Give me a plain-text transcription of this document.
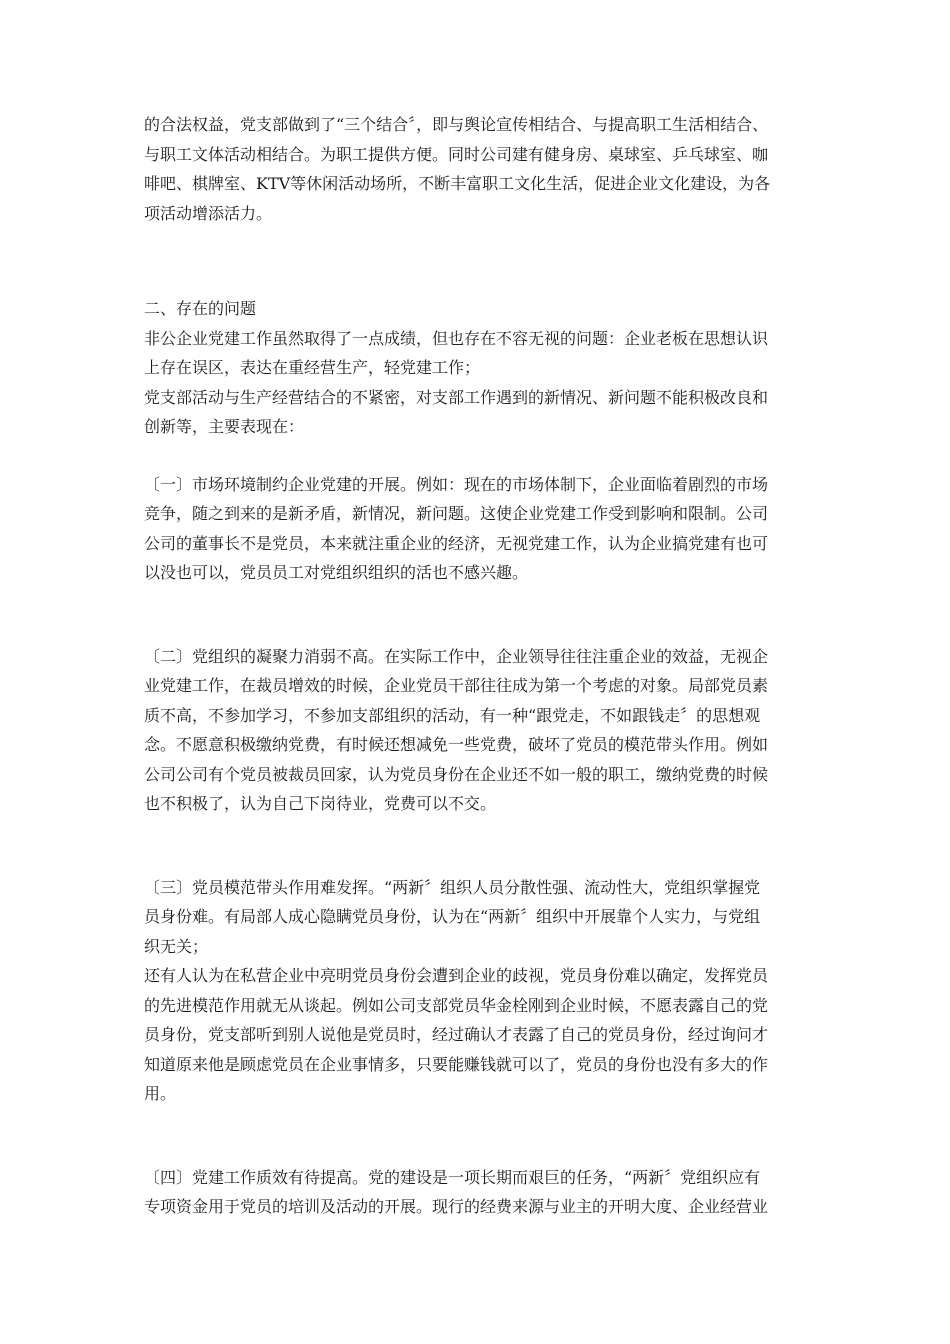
的合法权益，党支部做到了“三个结合〞，即与舆论宣传相结合、与提高职工生活相结合、
与职工文体活动相结合。为职工提供方便。同时公司建有健身房、桌球室、乒乓球室、咖
啡吧、棋牌室、KTV等休闲活动场所，不断丰富职工文化生活，促进企业文化建设，为各
项活动增添活力。

二、存在的问题
非公企业党建工作虽然取得了一点成绩，但也存在不容无视的问题：企业老板在思想认识
上存在误区，表达在重经营生产，轻党建工作；
党支部活动与生产经营结合的不紧密，对支部工作遇到的新情况、新问题不能积极改良和
创新等，主要表现在：

〔一〕市场环境制约企业党建的开展。例如：现在的市场体制下，企业面临着剧烈的市场
竞争，随之到来的是新矛盾，新情况，新问题。这使企业党建工作受到影响和限制。公司
公司的董事长不是党员，本来就注重企业的经济，无视党建工作，认为企业搞党建有也可
以没也可以，党员员工对党组织组织的活也不感兴趣。

〔二〕党组织的凝聚力消弱不高。在实际工作中，企业领导往往注重企业的效益，无视企
业党建工作，在裁员增效的时候，企业党员干部往往成为第一个考虑的对象。局部党员素
质不高，不参加学习，不参加支部组织的活动，有一种“跟党走，不如跟钱走〞的思想观
念。不愿意积极缴纳党费，有时候还想减免一些党费，破坏了党员的模范带头作用。例如
公司公司有个党员被裁员回家，认为党员身份在企业还不如一般的职工，缴纳党费的时候
也不积极了，认为自己下岗待业，党费可以不交。

〔三〕党员模范带头作用难发挥。“两新〞组织人员分散性强、流动性大，党组织掌握党
员身份难。有局部人成心隐瞒党员身份，认为在“两新〞组织中开展靠个人实力，与党组
织无关；
还有人认为在私营企业中亮明党员身份会遭到企业的歧视，党员身份难以确定，发挥党员
的先进模范作用就无从谈起。例如公司支部党员华金栓刚到企业时候，不愿表露自己的党
员身份，党支部听到别人说他是党员时，经过确认才表露了自己的党员身份，经过询问才
知道原来他是顾虑党员在企业事情多，只要能赚钱就可以了，党员的身份也没有多大的作
用。

〔四〕党建工作质效有待提高。党的建设是一项长期而艰巨的任务，“两新〞党组织应有
专项资金用于党员的培训及活动的开展。现行的经费来源与业主的开明大度、企业经营业
